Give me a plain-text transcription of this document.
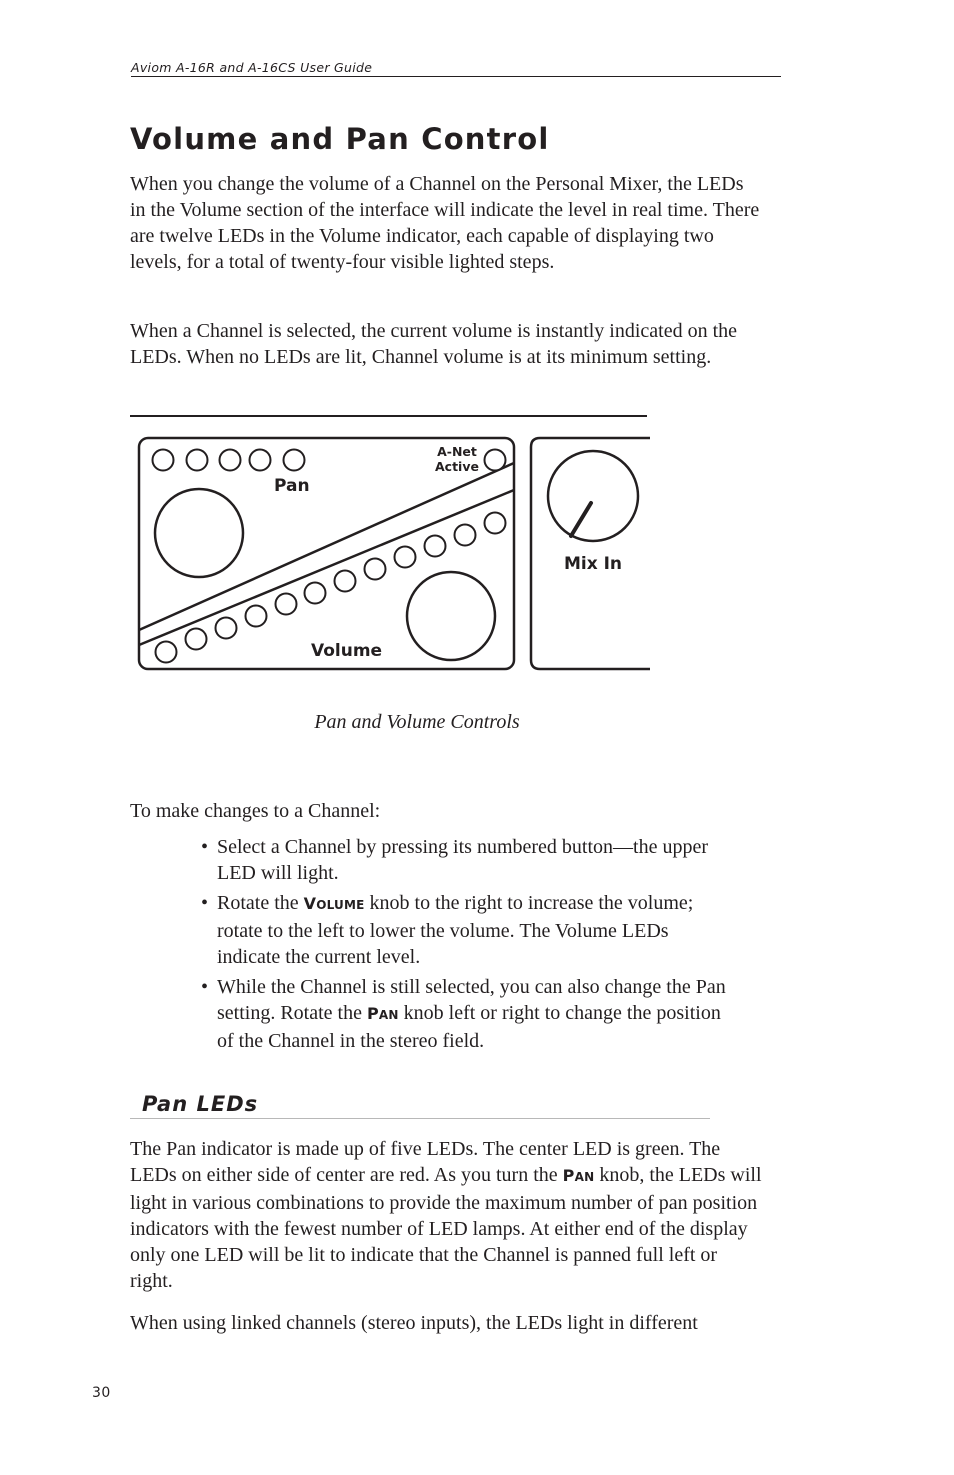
Aviom A-16R and A-16CS User Guide
Volume and Pan Control

When you change the volume of a Channel on the Personal Mixer, the LEDs in the Volume section of the interface will indicate the level in real time. There are twelve LEDs in the Volume indicator, each capable of displaying two levels, for a total of twenty-four visible lighted steps.

When a Channel is selected, the current volume is instantly indicated on the LEDs. When no LEDs are lit, Channel volume is at its minimum setting.

Pan
A-Net
Active
Volume
Mix In

Pan and Volume Controls

To make changes to a Channel:

• Select a Channel by pressing its numbered button—the upper LED will light.
• Rotate the VOLUME knob to the right to increase the volume; rotate to the left to lower the volume. The Volume LEDs indicate the current level.
• While the Channel is still selected, you can also change the Pan setting. Rotate the PAN knob left or right to change the position of the Channel in the stereo field.
Pan LEDs

The Pan indicator is made up of five LEDs. The center LED is green. The LEDs on either side of center are red. As you turn the PAN knob, the LEDs will light in various combinations to provide the maximum number of pan position indicators with the fewest number of LED lamps. At either end of the display only one LED will be lit to indicate that the Channel is panned full left or right.

When using linked channels (stereo inputs), the LEDs light in different

30
